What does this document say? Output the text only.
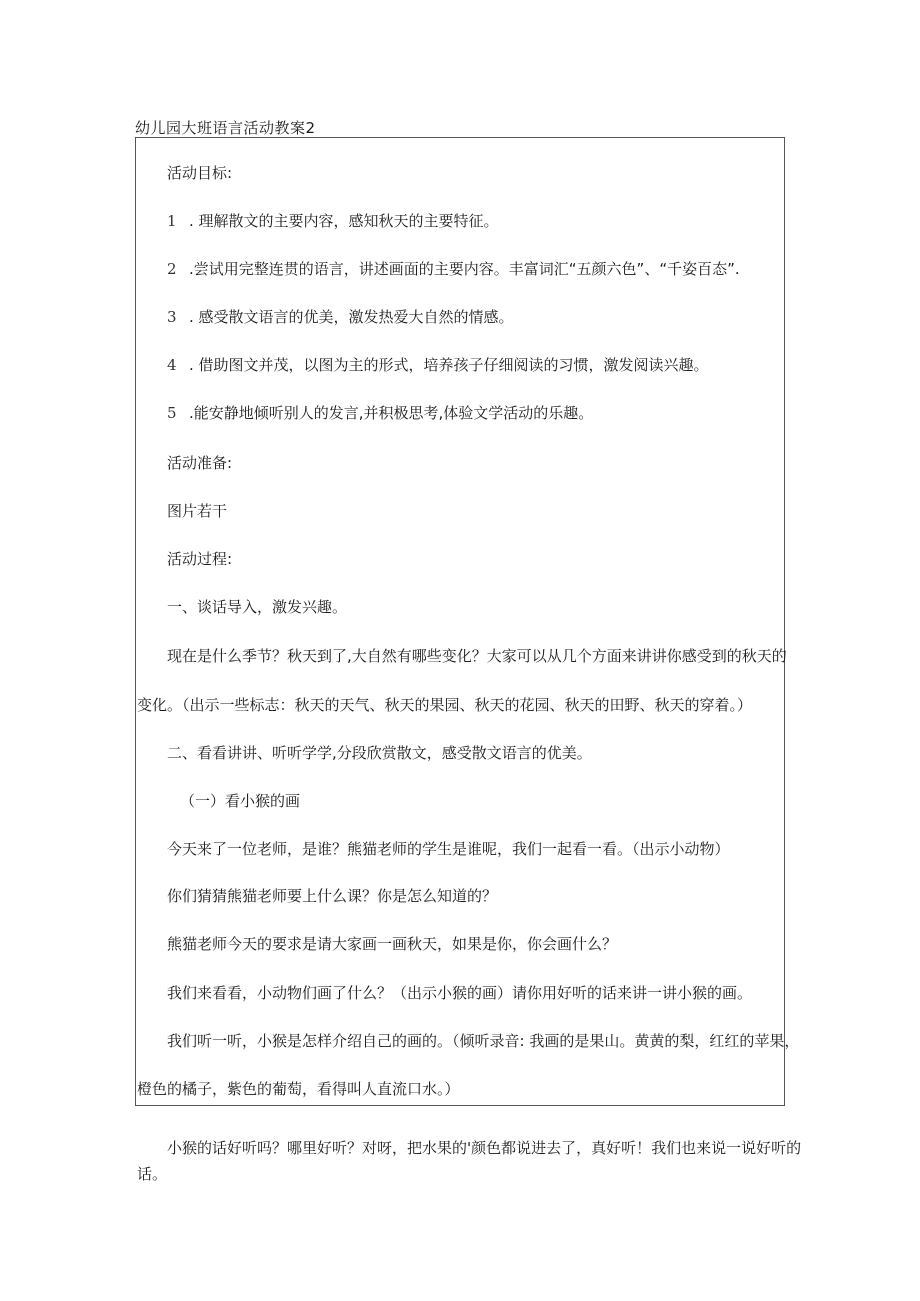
幼儿园大班语言活动教案2
活动目标:
1 . 理解散文的主要内容，感知秋天的主要特征。
2 .尝试用完整连贯的语言，讲述画面的主要内容。丰富词汇“五颜六色”、“千姿百态”.
3 . 感受散文语言的优美，激发热爱大自然的情感。
4 . 借助图文并茂，以图为主的形式，培养孩子仔细阅读的习惯，激发阅读兴趣。
5 .能安静地倾听别人的发言,并积极思考,体验文学活动的乐趣。
活动准备:
图片若干
活动过程:
一、谈话导入，激发兴趣。
现在是什么季节？秋天到了,大自然有哪些变化？大家可以从几个方面来讲讲你感受到的秋天的
变化。（出示一些标志：秋天的天气、秋天的果园、秋天的花园、秋天的田野、秋天的穿着。）
二、看看讲讲、听听学学,分段欣赏散文，感受散文语言的优美。
（一）看小猴的画
今天来了一位老师，是谁？熊猫老师的学生是谁呢，我们一起看一看。（出示小动物）
你们猜猜熊猫老师要上什么课？你是怎么知道的？
熊猫老师今天的要求是请大家画一画秋天，如果是你，你会画什么？
我们来看看，小动物们画了什么？（出示小猴的画）请你用好听的话来讲一讲小猴的画。
我们听一听，小猴是怎样介绍自己的画的。（倾听录音: 我画的是果山。黄黄的梨，红红的苹果，
橙色的橘子，紫色的葡萄，看得叫人直流口水。）
小猴的话好听吗？哪里好听？对呀，把水果的'颜色都说进去了，真好听！我们也来说一说好听的
话。
